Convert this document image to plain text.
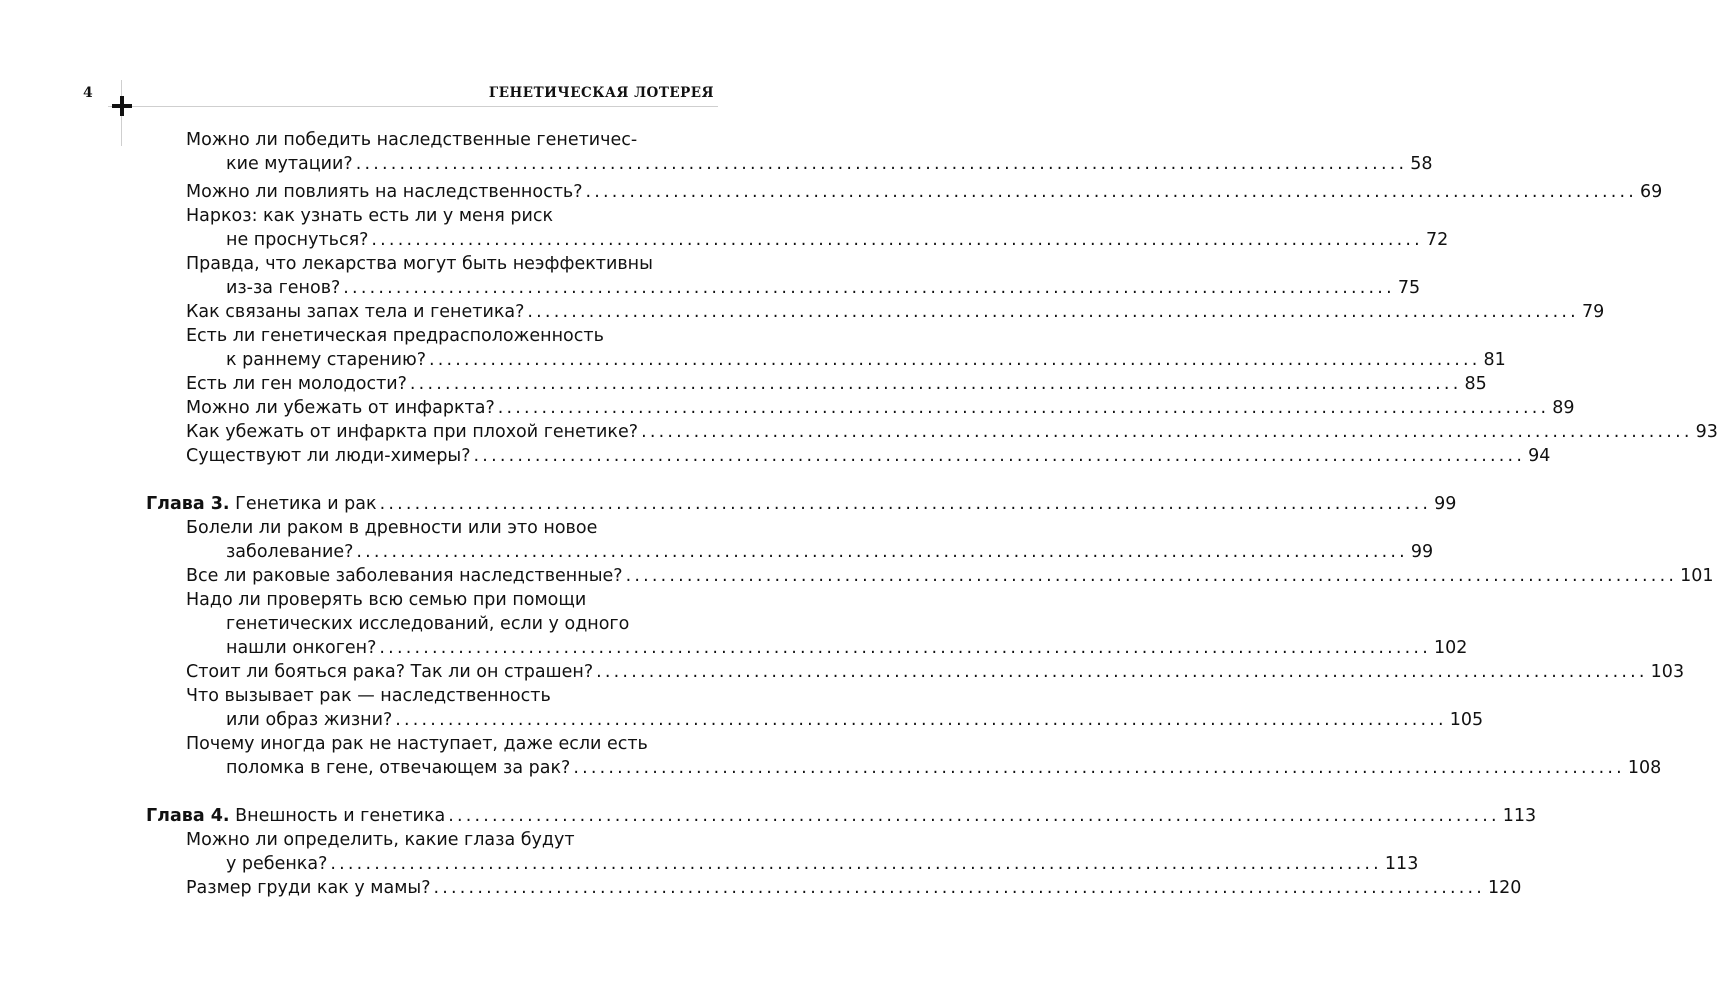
4	ГЕНЕТИЧЕСКАЯ ЛОТЕРЕЯ
Можно ли победить наследственные генетичес-
кие мутации? ........................................................................................................................ 58
Можно ли повлиять на наследственность? ........................................................................................................................ 69
Наркоз: как узнать есть ли у меня риск
не проснуться? ........................................................................................................................ 72
Правда, что лекарства могут быть неэффективны
из-за генов? ........................................................................................................................ 75
Как связаны запах тела и генетика? ........................................................................................................................ 79
Есть ли генетическая предрасположенность
к раннему старению? ........................................................................................................................ 81
Есть ли ген молодости? ........................................................................................................................ 85
Можно ли убежать от инфаркта? ........................................................................................................................ 89
Как убежать от инфаркта при плохой генетике? ........................................................................................................................ 93
Существуют ли люди-химеры? ........................................................................................................................ 94
Глава 3. Генетика и рак ........................................................................................................................ 99
Болели ли раком в древности или это новое
заболевание? ........................................................................................................................ 99
Все ли раковые заболевания наследственные? ........................................................................................................................ 101
Надо ли проверять всю семью при помощи
генетических исследований, если у одного
нашли онкоген? ........................................................................................................................ 102
Стоит ли бояться рака? Так ли он страшен? ........................................................................................................................ 103
Что вызывает рак — наследственность
или образ жизни? ........................................................................................................................ 105
Почему иногда рак не наступает, даже если есть
поломка в гене, отвечающем за рак? ........................................................................................................................ 108
Глава 4. Внешность и генетика ........................................................................................................................ 113
Можно ли определить, какие глаза будут
у ребенка? ........................................................................................................................ 113
Размер груди как у мамы? ........................................................................................................................ 120
